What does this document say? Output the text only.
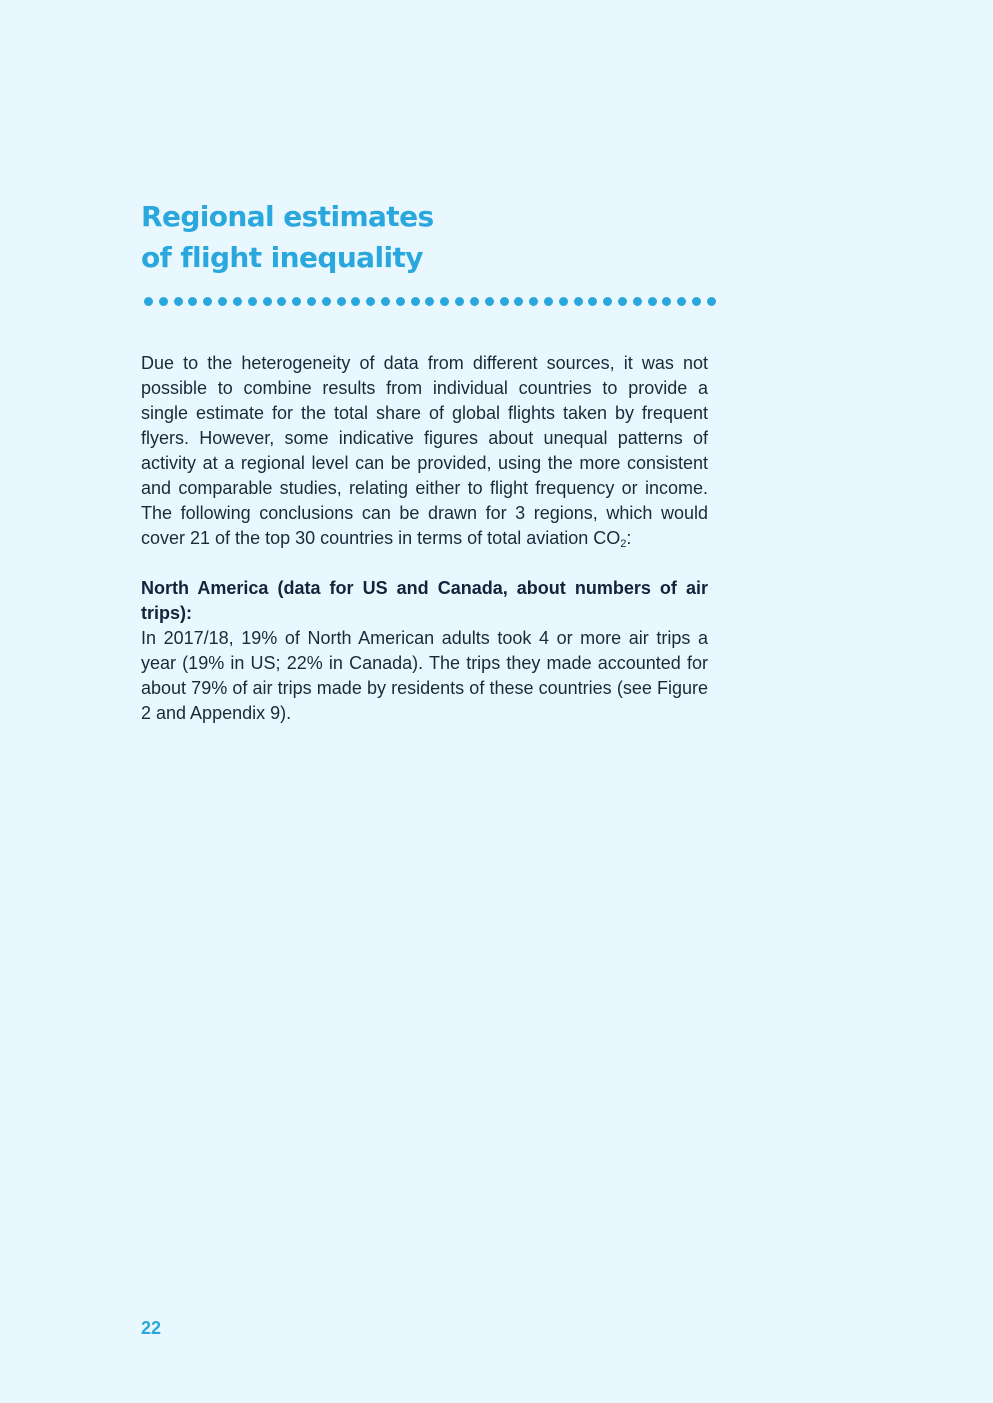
Regional estimates
of flight inequality

Due to the heterogeneity of data from different sources, it was not possible to combine results from individual countries to provide a single estimate for the total share of global flights taken by frequent flyers. However, some indicative figures about unequal patterns of activity at a regional level can be provided, using the more consistent and comparable studies, relating either to flight frequency or income. The following conclusions can be drawn for 3 regions, which would cover 21 of the top 30 countries in terms of total aviation $CO_2$:

North America (data for US and Canada, about numbers of air trips):

In 2017/18, 19% of North American adults took 4 or more air trips a year (19% in US; 22% in Canada). The trips they made accounted for about 79% of air trips made by residents of these countries (see Figure 2 and Appendix 9).

22
